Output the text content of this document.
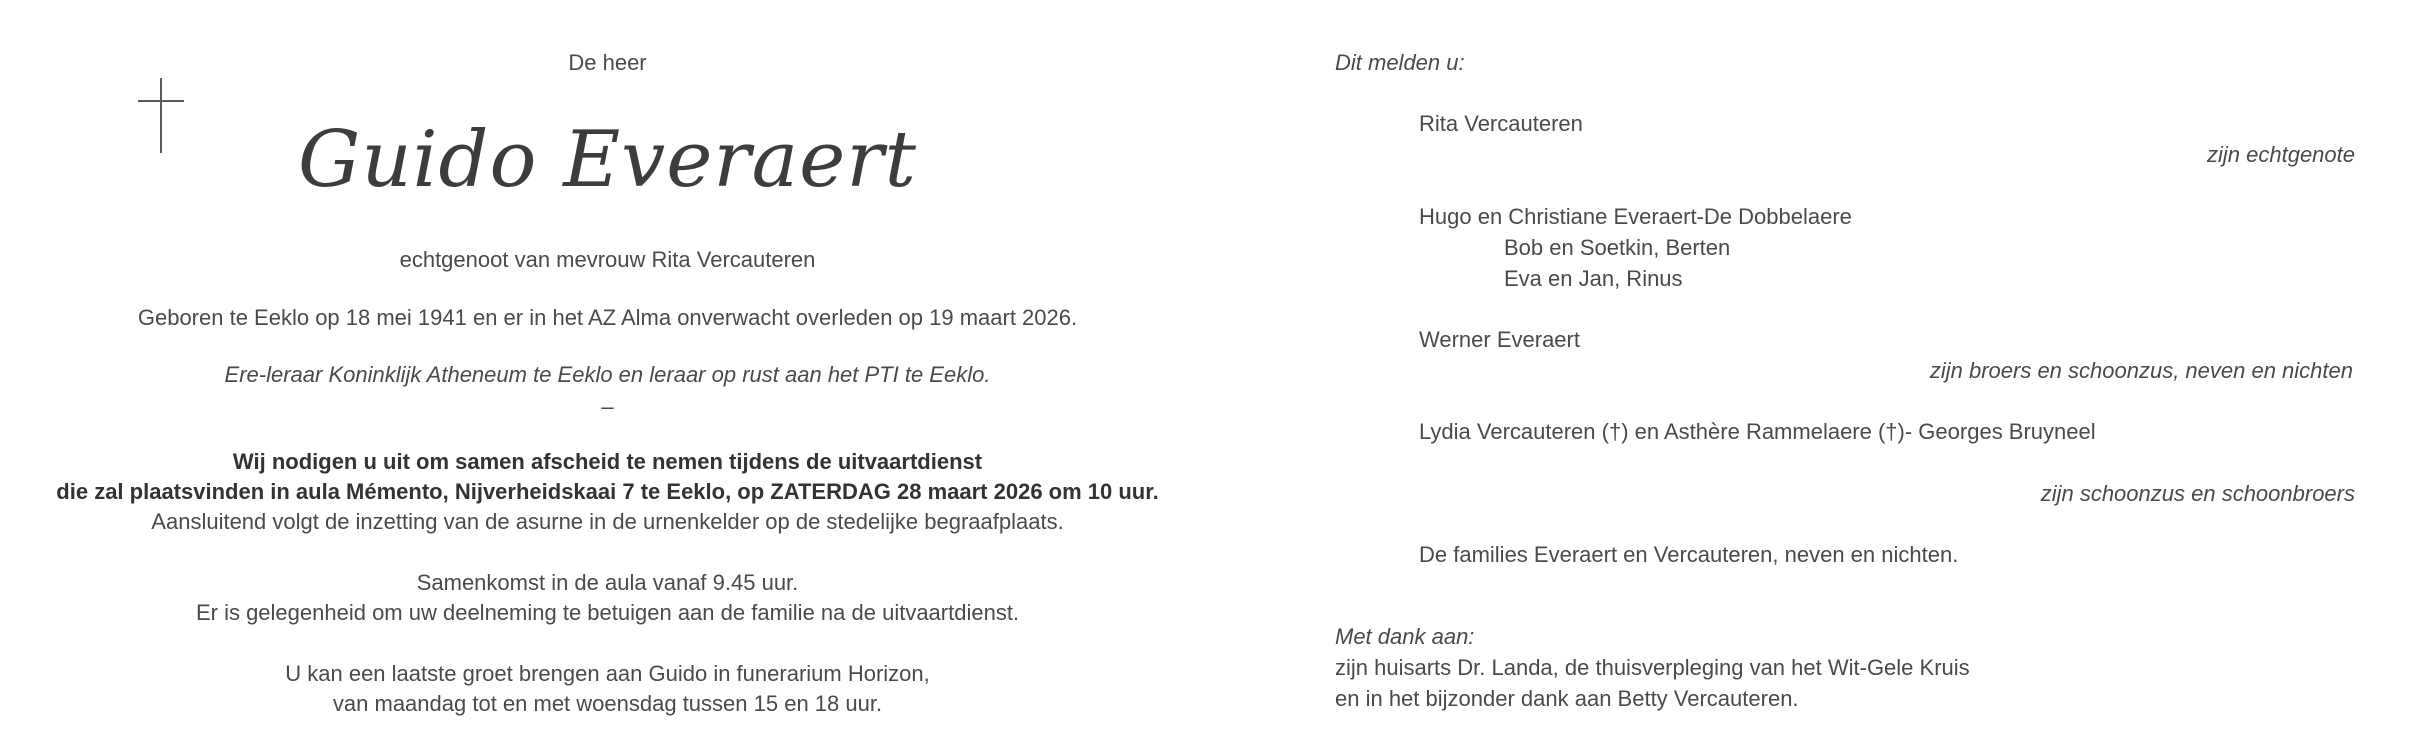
De heer
Guido Everaert
echtgenoot van mevrouw Rita Vercauteren
Geboren te Eeklo op 18 mei 1941 en er in het AZ Alma onverwacht overleden op 19 maart 2026.
Ere-leraar Koninklijk Atheneum te Eeklo en leraar op rust aan het PTI te Eeklo.
–
Wij nodigen u uit om samen afscheid te nemen tijdens de uitvaartdienst
die zal plaatsvinden in aula Mémento, Nijverheidskaai 7 te Eeklo, op ZATERDAG 28 maart 2026 om 10 uur.
Aansluitend volgt de inzetting van de asurne in de urnenkelder op de stedelijke begraafplaats.
Samenkomst in de aula vanaf 9.45 uur.
Er is gelegenheid om uw deelneming te betuigen aan de familie na de uitvaartdienst.
U kan een laatste groet brengen aan Guido in funerarium Horizon,
van maandag tot en met woensdag tussen 15 en 18 uur.
Dit melden u:
Rita Vercauteren
zijn echtgenote
Hugo en Christiane Everaert-De Dobbelaere
Bob en Soetkin, Berten
Eva en Jan, Rinus
Werner Everaert
zijn broers en schoonzus, neven en nichten
Lydia Vercauteren (†) en Asthère Rammelaere (†)- Georges Bruyneel
zijn schoonzus en schoonbroers
De families Everaert en Vercauteren, neven en nichten.
Met dank aan:
zijn huisarts Dr. Landa, de thuisverpleging van het Wit-Gele Kruis
en in het bijzonder dank aan Betty Vercauteren.
